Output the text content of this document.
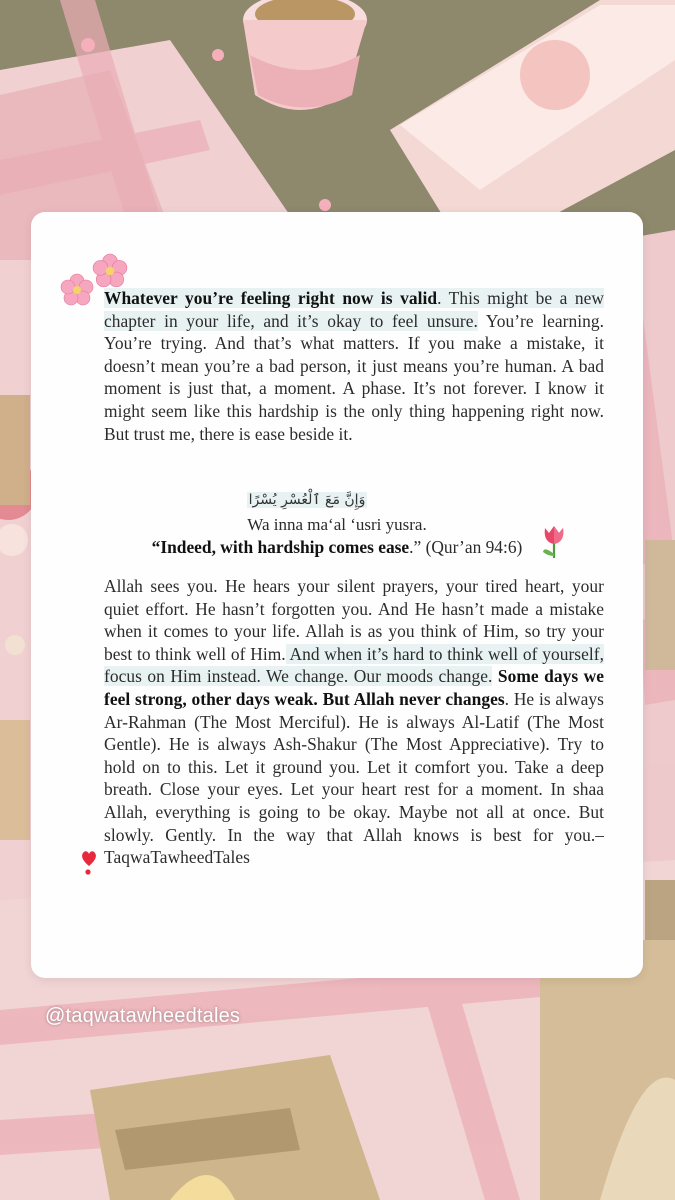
Whatever you’re feeling right now is valid. This might be a new chapter in your life, and it’s okay to feel unsure. You’re learning. You’re trying. And that’s what matters. If you make a mistake, it doesn’t mean you’re a bad person, it just means you’re human. A bad moment is just that, a moment. A phase. It’s not forever. I know it might seem like this hardship is the only thing happening right now. But trust me, there is ease beside it.

وَإِنَّ مَعَ ٱلْعُسْرِ يُسْرًا
Wa inna ma‘al ‘usri yusra.
“Indeed, with hardship comes ease.” (Qur’an 94:6)

Allah sees you. He hears your silent prayers, your tired heart, your quiet effort. He hasn’t forgotten you. And He hasn’t made a mistake when it comes to your life. Allah is as you think of Him, so try your best to think well of Him. And when it’s hard to think well of yourself, focus on Him instead. We change. Our moods change. Some days we feel strong, other days weak. But Allah never changes. He is always Ar-Rahman (The Most Merciful). He is always Al-Latif (The Most Gentle). He is always Ash-Shakur (The Most Appreciative). Try to hold on to this. Let it ground you. Let it comfort you. Take a deep breath. Close your eyes. Let your heart rest for a moment. In shaa Allah, everything is going to be okay. Maybe not all at once. But slowly. Gently. In the way that Allah knows is best for you.– TaqwaTawheedTales

@taqwatawheedtales
